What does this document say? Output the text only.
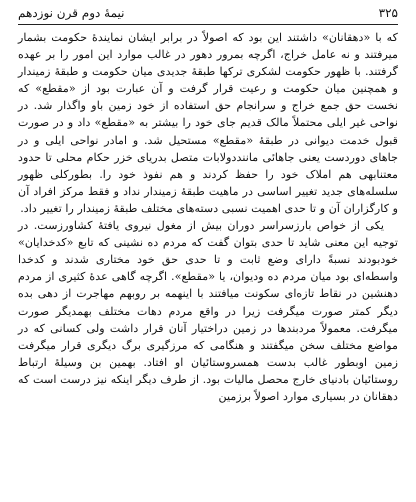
۳۲۵
نیمهٔ دوم قرن نوزدهم

که با «دهقانان» داشتند این بود که اصولاً در برابر ایشان نمایندهٔ حکومت بشمار میرفتند و نه عامل خراج، اگرچه بمرور دهور در غالب موارد این امور را بر عهده گرفتند. با ظهور حکومت لشکری ترکها طبقهٔ جدیدی میان حکومت و طبقهٔ زمیندار و همچنین میان حکومت و رعیت قرار گرفت و آن عبارت بود از «مقطع» که نخست حق جمع خراج و سرانجام حق استفاده از خود زمین باو واگذار شد. در نواحی غیر ایلی محتملاً مالک قدیم جای خود را بیشتر به «مقطع» داد و در صورت قبول خدمت دیوانی در طبقهٔ «مقطع» مستحیل شد. و امادر نواحی ایلی و در جاهای دوردست یعنی جاهائی ماننددولابات متصل بدریای خزر حکام محلی تا حدود معتنابهی هم املاک خود را حفظ کردند و هم نفوذ خود را. بطورکلی ظهور سلسله‌های جدید تغییر اساسی در ماهیت طبقهٔ زمیندار نداد و فقط مرکز افراد آن و کارگزاران آن و تا حدی اهمیت نسبی دسته‌های مختلف طبقهٔ زمیندار را تغییر داد.

یکی از خواص بارزسراسر دوران بیش از مغول نیروی یافتهٔ کشاورزست. در توجیه این معنی شاید تا حدی بتوان گفت که مردم ده نشینی که تابع «کدخدایان» خودبودند نسبةً دارای وضع ثابت و تا حدی حق خود مختاری شدند و کدخدا واسطه‌ای بود میان مردم ده ودیوان، یا «مقطع». اگرچه گاهی عدهٔ کثیری از مردم دهنشین در نقاط تازه‌ای سکونت میافتند با اینهمه بر روبهم مهاجرت از دهی بده دیگر کمتر صورت میگرفت زیرا در واقع مردم دهات مختلف بهمدیگر صورت میگرفت. معمولاً مرد‌بند‌ها در زمین دراختیار آنان قرار داشت ولی کسانی که در مواضع مختلف سخن میگفتند و هنگامی که مرزگیری برگ دیگری قرار میگرفت زمین اوبطور غالب بدست همسروستائیان او افتاد. بهمین بن وسیلهٔ ارتباط روستائیان بادنیای خارج محصل مالیات بود. از طرف دیگر اینکه نیز درست است که دهقانان در بسیاری موارد اصولاً برزمین
